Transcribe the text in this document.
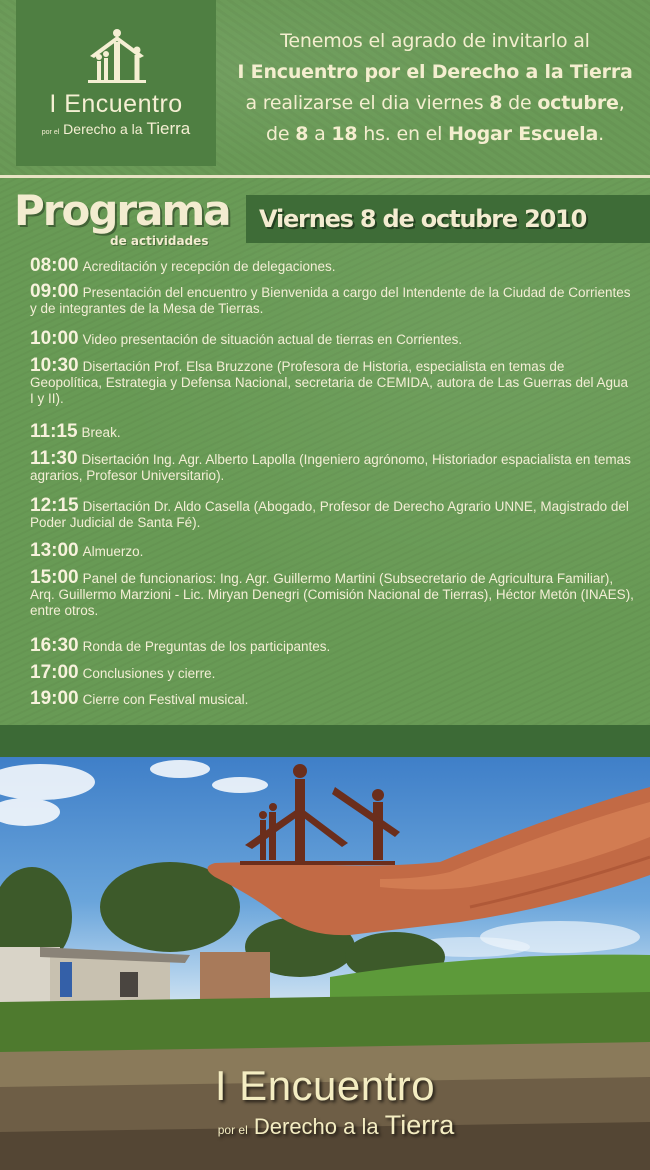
I Encuentro
por el Derecho a la Tierra
Tenemos el agrado de invitarlo al
I Encuentro por el Derecho a la Tierra
a realizarse el dia viernes 8 de octubre,
de 8 a 18 hs. en el Hogar Escuela.
Programa
de actividades
Viernes 8 de octubre 2010
08:00 Acreditación y recepción de delegaciones.
09:00 Presentación del encuentro y Bienvenida a cargo del Intendente de la Ciudad de Corrientes y de integrantes de la Mesa de Tierras.
10:00 Video presentación de situación actual de tierras en Corrientes.
10:30 Disertación Prof. Elsa Bruzzone (Profesora de Historia, especialista en temas de Geopolítica, Estrategia y Defensa Nacional, secretaria de CEMIDA, autora de Las Guerras del Agua I y II).
11:15 Break.
11:30 Disertación Ing. Agr. Alberto Lapolla (Ingeniero agrónomo, Historiador espacialista en temas agrarios, Profesor Universitario).
12:15 Disertación Dr. Aldo Casella (Abogado, Profesor de Derecho Agrario UNNE, Magistrado del Poder Judicial de Santa Fé).
13:00 Almuerzo.
15:00 Panel de funcionarios: Ing. Agr. Guillermo Martini (Subsecretario de Agricultura Familiar), Arq. Guillermo Marzioni - Lic. Miryan Denegri (Comisión Nacional de Tierras), Héctor Metón (INAES), entre otros.
16:30 Ronda de Preguntas de los participantes.
17:00 Conclusiones y cierre.
19:00 Cierre con Festival musical.
I Encuentro
por el Derecho a la Tierra
